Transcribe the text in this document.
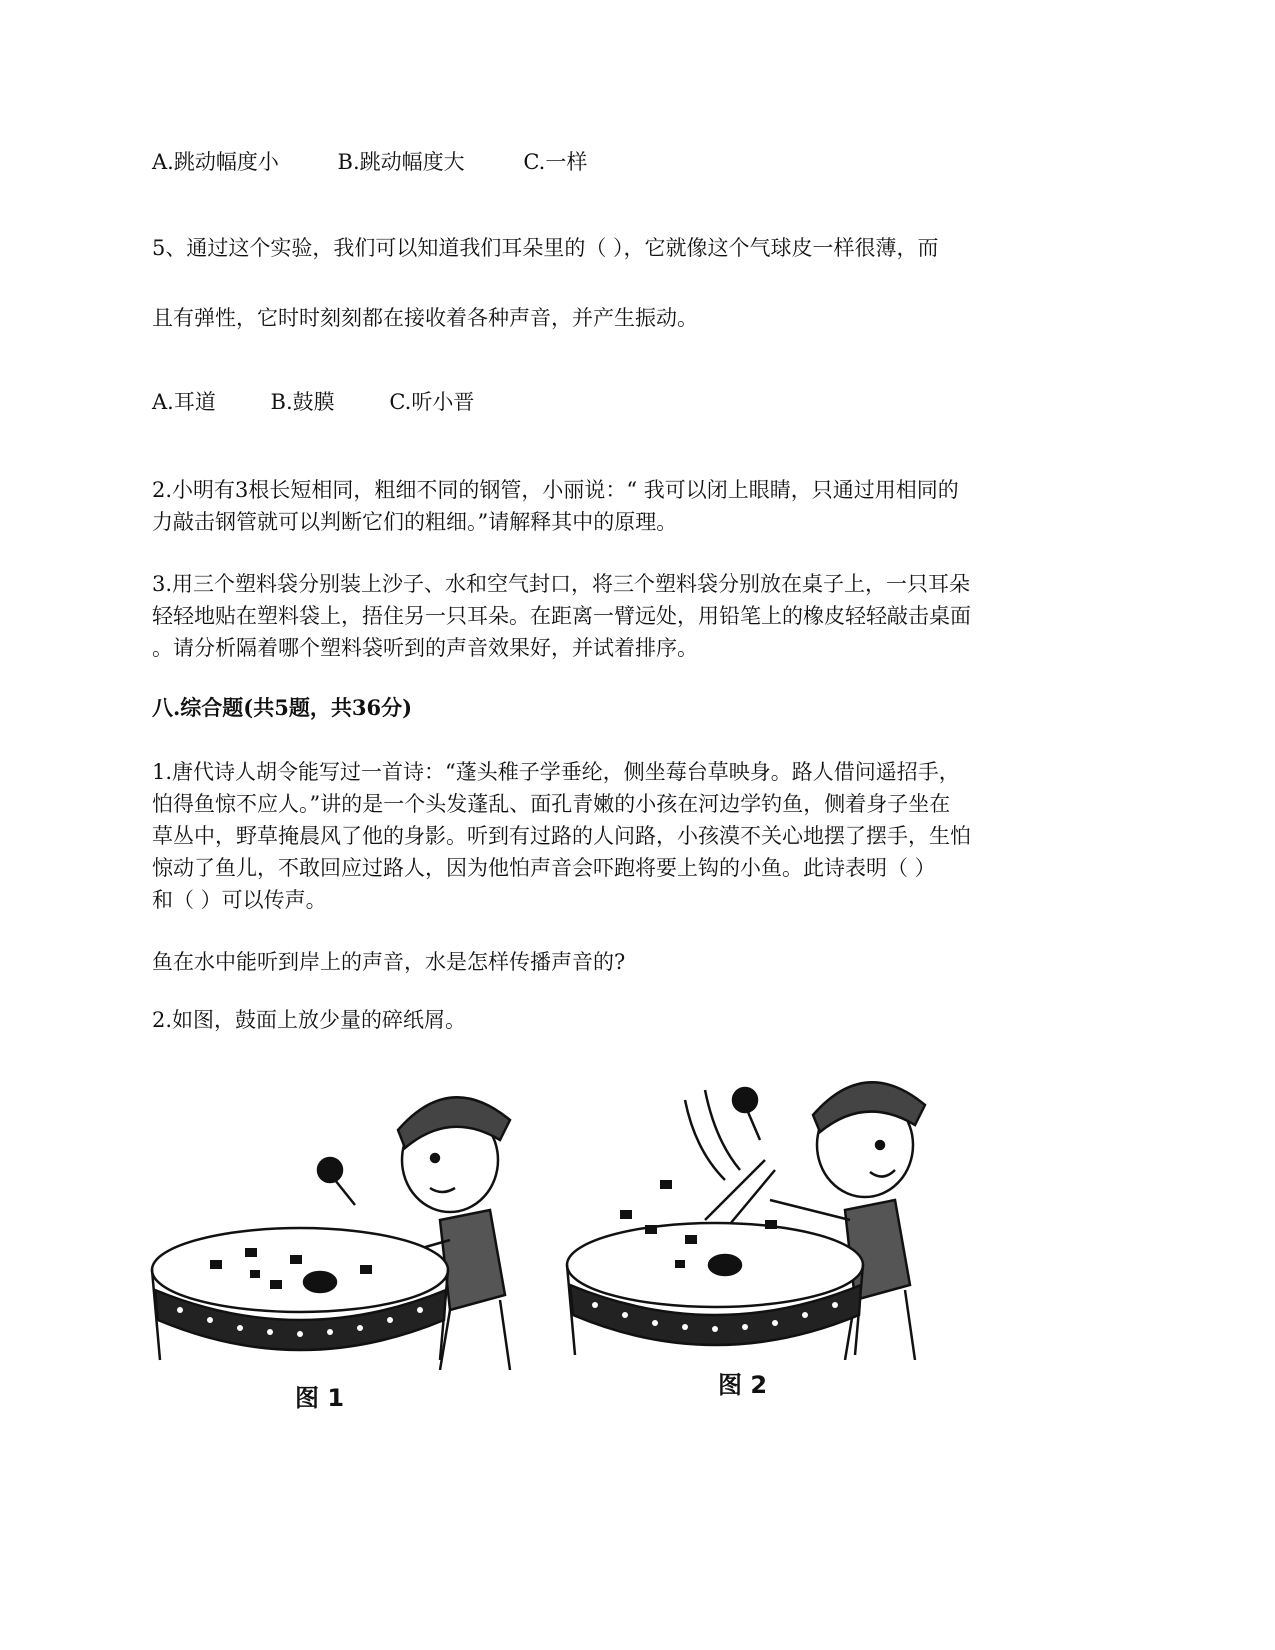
A.跳动幅度小	B.跳动幅度大	C.一样
5、通过这个实验，我们可以知道我们耳朵里的（ ），它就像这个气球皮一样很薄，而
且有弹性，它时时刻刻都在接收着各种声音，并产生振动。
A.耳道	B.鼓膜	C.听小晋
2.小明有3根长短相同，粗细不同的钢管，小丽说：“ 我可以闭上眼睛，只通过用相同的
力敲击钢管就可以判断它们的粗细。”请解释其中的原理。
3.用三个塑料袋分别装上沙子、水和空气封口，将三个塑料袋分别放在桌子上，一只耳朵
轻轻地贴在塑料袋上，捂住另一只耳朵。在距离一臂远处，用铅笔上的橡皮轻轻敲击桌面
。请分析隔着哪个塑料袋听到的声音效果好，并试着排序。
八.综合题(共5题，共36分)
1.唐代诗人胡令能写过一首诗：“蓬头稚子学垂纶，侧坐莓台草映身。路人借问遥招手，
怕得鱼惊不应人。”讲的是一个头发蓬乱、面孔青嫩的小孩在河边学钓鱼，侧着身子坐在
草丛中，野草掩晨风了他的身影。听到有过路的人问路，小孩漠不关心地摆了摆手，生怕
惊动了鱼儿，不敢回应过路人，因为他怕声音会吓跑将要上钩的小鱼。此诗表明（ ）
和（ ）可以传声。
鱼在水中能听到岸上的声音，水是怎样传播声音的?
2.如图，鼓面上放少量的碎纸屑。
图 1	图 2
